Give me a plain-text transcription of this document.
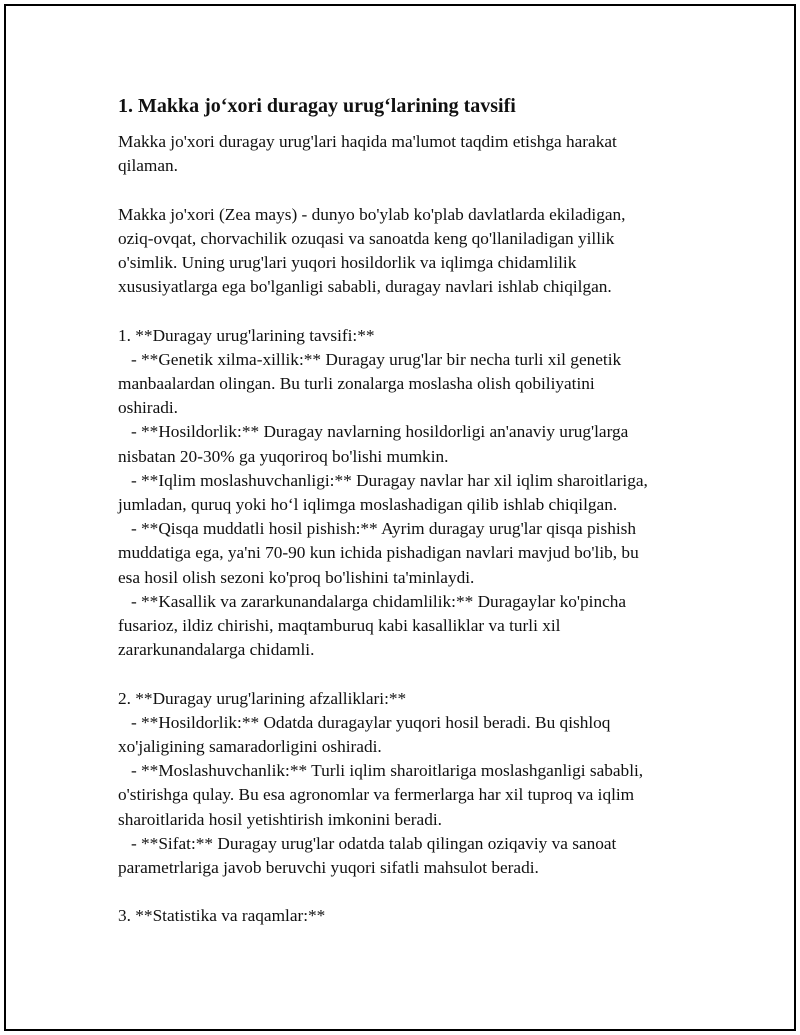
1. Makka jo‘xori duragay urug‘larining tavsifi
Makka jo'xori duragay urug'lari haqida ma'lumot taqdim etishga harakat
qilaman.
Makka jo'xori (Zea mays) - dunyo bo'ylab ko'plab davlatlarda ekiladigan,
oziq-ovqat, chorvachilik ozuqasi va sanoatda keng qo'llaniladigan yillik
o'simlik. Uning urug'lari yuqori hosildorlik va iqlimga chidamlilik
xususiyatlarga ega bo'lganligi sababli, duragay navlari ishlab chiqilgan.
1. **Duragay urug'larining tavsifi:**
- **Genetik xilma-xillik:** Duragay urug'lar bir necha turli xil genetik
manbaalardan olingan. Bu turli zonalarga moslasha olish qobiliyatini
oshiradi.
- **Hosildorlik:** Duragay navlarning hosildorligi an'anaviy urug'larga
nisbatan 20-30% ga yuqoriroq bo'lishi mumkin.
- **Iqlim moslashuvchanligi:** Duragay navlar har xil iqlim sharoitlariga,
jumladan, quruq yoki ho‘l iqlimga moslashadigan qilib ishlab chiqilgan.
- **Qisqa muddatli hosil pishish:** Ayrim duragay urug'lar qisqa pishish
muddatiga ega, ya'ni 70-90 kun ichida pishadigan navlari mavjud bo'lib, bu
esa hosil olish sezoni ko'proq bo'lishini ta'minlaydi.
- **Kasallik va zararkunandalarga chidamlilik:** Duragaylar ko'pincha
fusarioz, ildiz chirishi, maqtamburuq kabi kasalliklar va turli xil
zararkunandalarga chidamli.
2. **Duragay urug'larining afzalliklari:**
- **Hosildorlik:** Odatda duragaylar yuqori hosil beradi. Bu qishloq
xo'jaligining samaradorligini oshiradi.
- **Moslashuvchanlik:** Turli iqlim sharoitlariga moslashganligi sababli,
o'stirishga qulay. Bu esa agronomlar va fermerlarga har xil tuproq va iqlim
sharoitlarida hosil yetishtirish imkonini beradi.
- **Sifat:** Duragay urug'lar odatda talab qilingan oziqaviy va sanoat
parametrlariga javob beruvchi yuqori sifatli mahsulot beradi.
3. **Statistika va raqamlar:**
